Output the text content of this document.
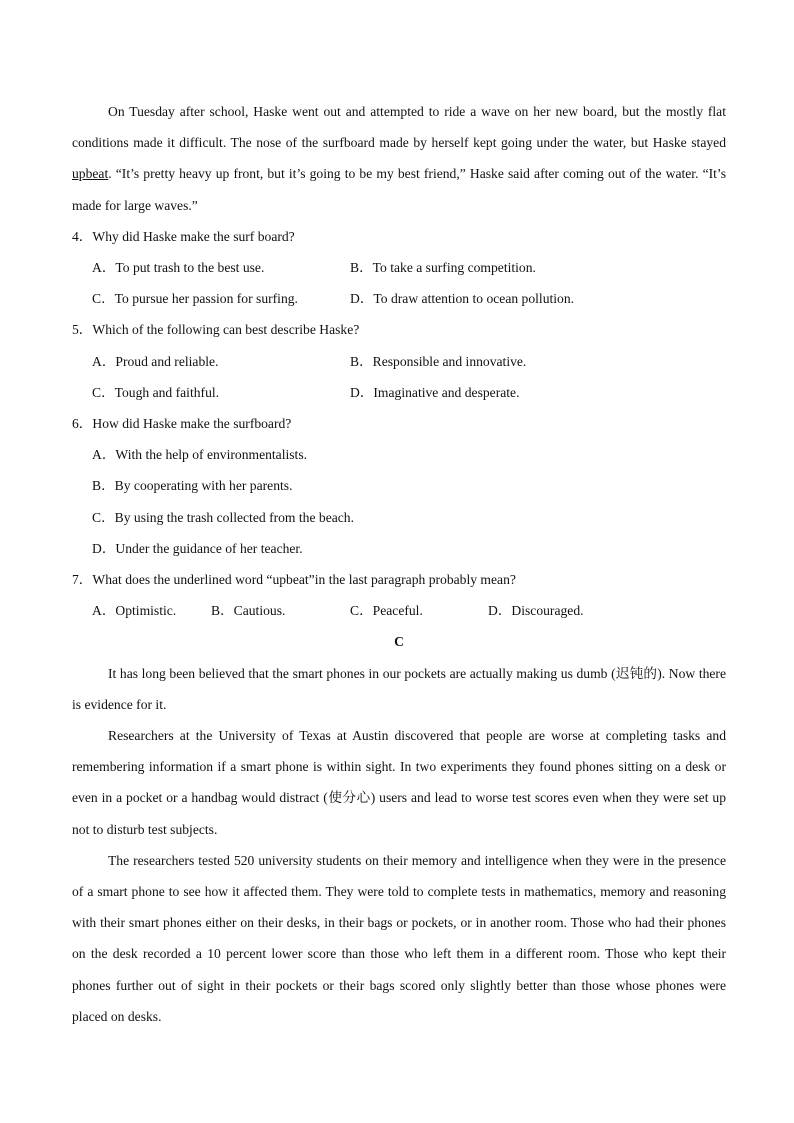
On Tuesday after school, Haske went out and attempted to ride a wave on her new board, but the mostly flat conditions made it difficult. The nose of the surfboard made by herself kept going under the water, but Haske stayed upbeat. “It’s pretty heavy up front, but it’s going to be my best friend,” Haske said after coming out of the water. “It’s made for large waves.”

4．Why did Haske make the surf board?

A．To put trash to the best use.	B．To take a surfing competition.
C．To pursue her passion for surfing.	D．To draw attention to ocean pollution.

5．Which of the following can best describe Haske?

A．Proud and reliable.	B．Responsible and innovative.
C．Tough and faithful.	D．Imaginative and desperate.

6．How did Haske make the surfboard?

A．With the help of environmentalists.

B．By cooperating with her parents.

C．By using the trash collected from the beach.

D．Under the guidance of her teacher.

7．What does the underlined word “upbeat”in the last paragraph probably mean?

A．Optimistic.	B．Cautious.	C．Peaceful.	D．Discouraged.

C

It has long been believed that the smart phones in our pockets are actually making us dumb (迟钝的). Now there is evidence for it.

Researchers at the University of Texas at Austin discovered that people are worse at completing tasks and remembering information if a smart phone is within sight. In two experiments they found phones sitting on a desk or even in a pocket or a handbag would distract (使分心) users and lead to worse test scores even when they were set up not to disturb test subjects.

The researchers tested 520 university students on their memory and intelligence when they were in the presence of a smart phone to see how it affected them. They were told to complete tests in mathematics, memory and reasoning with their smart phones either on their desks, in their bags or pockets, or in another room. Those who had their phones on the desk recorded a 10 percent lower score than those who left them in a different room. Those who kept their phones further out of sight in their pockets or their bags scored only slightly better than those whose phones were placed on desks.
